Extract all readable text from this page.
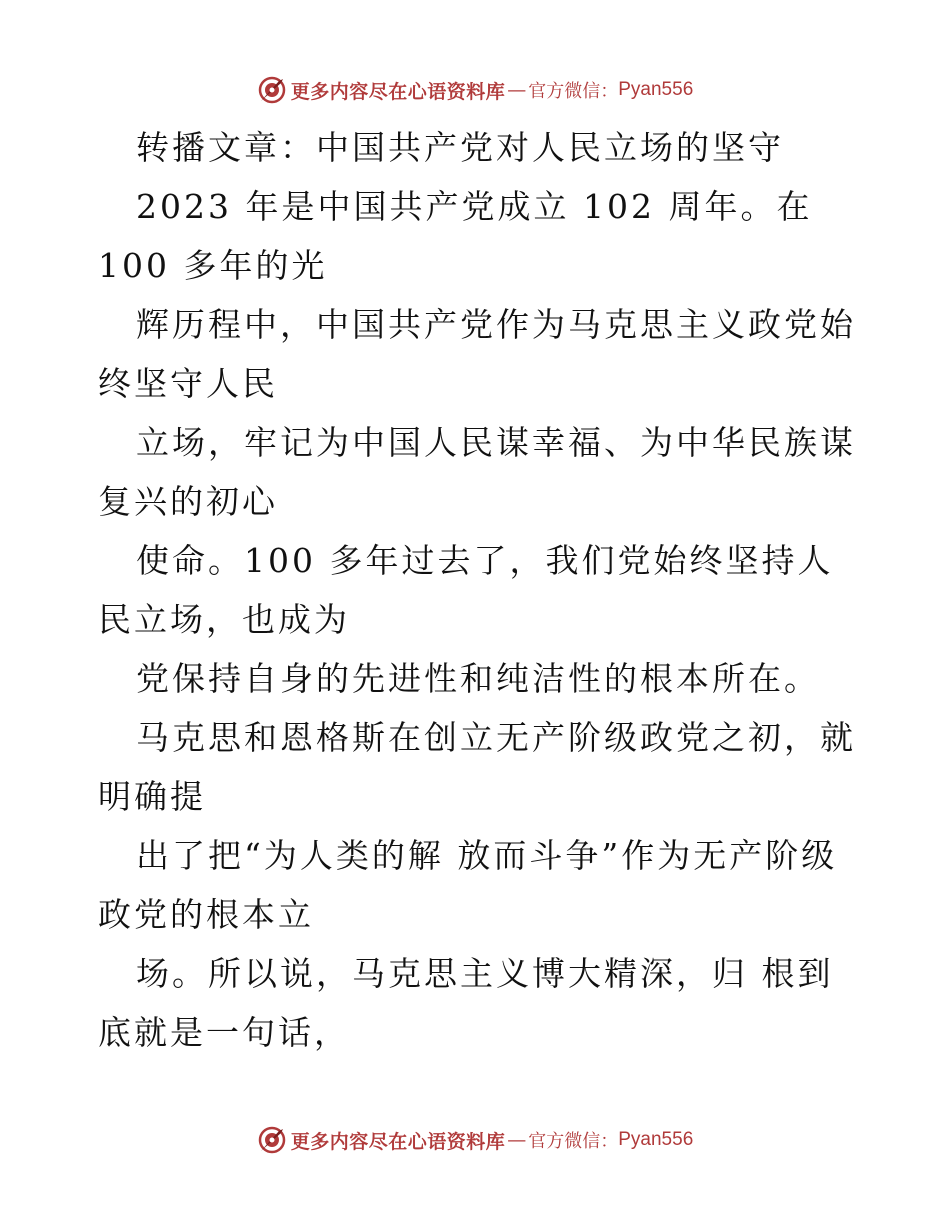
更多内容尽在心语资料库 — 官方微信： Pyan556

转播文章：中国共产党对人民立场的坚守

2023 年是中国共产党成立 102 周年。在 100 多年的光

辉历程中，中国共产党作为马克思主义政党始终坚守人民

立场，牢记为中国人民谋幸福、为中华民族谋复兴的初心

使命。100 多年过去了，我们党始终坚持人民立场，也成为

党保持自身的先进性和纯洁性的根本所在。

马克思和恩格斯在创立无产阶级政党之初，就明确提

出了把“为人类的解 放而斗争”作为无产阶级政党的根本立

场。所以说，马克思主义博大精深，归 根到底就是一句话，

更多内容尽在心语资料库 — 官方微信： Pyan556
